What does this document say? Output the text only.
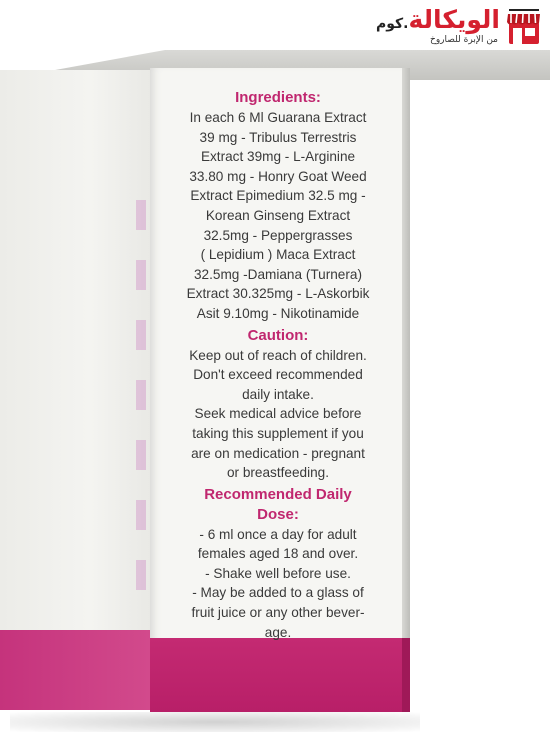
Ingredients:
In each 6 Ml Guarana Extract
39 mg - Tribulus Terrestris
Extract 39mg - L-Arginine
33.80 mg - Honry Goat Weed
Extract Epimedium 32.5 mg -
Korean Ginseng Extract
32.5mg - Peppergrasses
( Lepidium ) Maca Extract
32.5mg -Damiana (Turnera)
Extract 30.325mg - L-Askorbik
Asit 9.10mg - Nikotinamide
Caution:
Keep out of reach of children.
Don't exceed recommended
daily intake.
Seek medical advice before
taking this supplement if you
are on medication - pregnant
or breastfeeding.
Recommended Daily
Dose:
- 6 ml once a day for adult
females aged 18 and over.
- Shake well before use.
- May be added to a glass of
fruit juice or any other bever-
age.
الويكالة.كوم
من الإبرة للصاروخ
